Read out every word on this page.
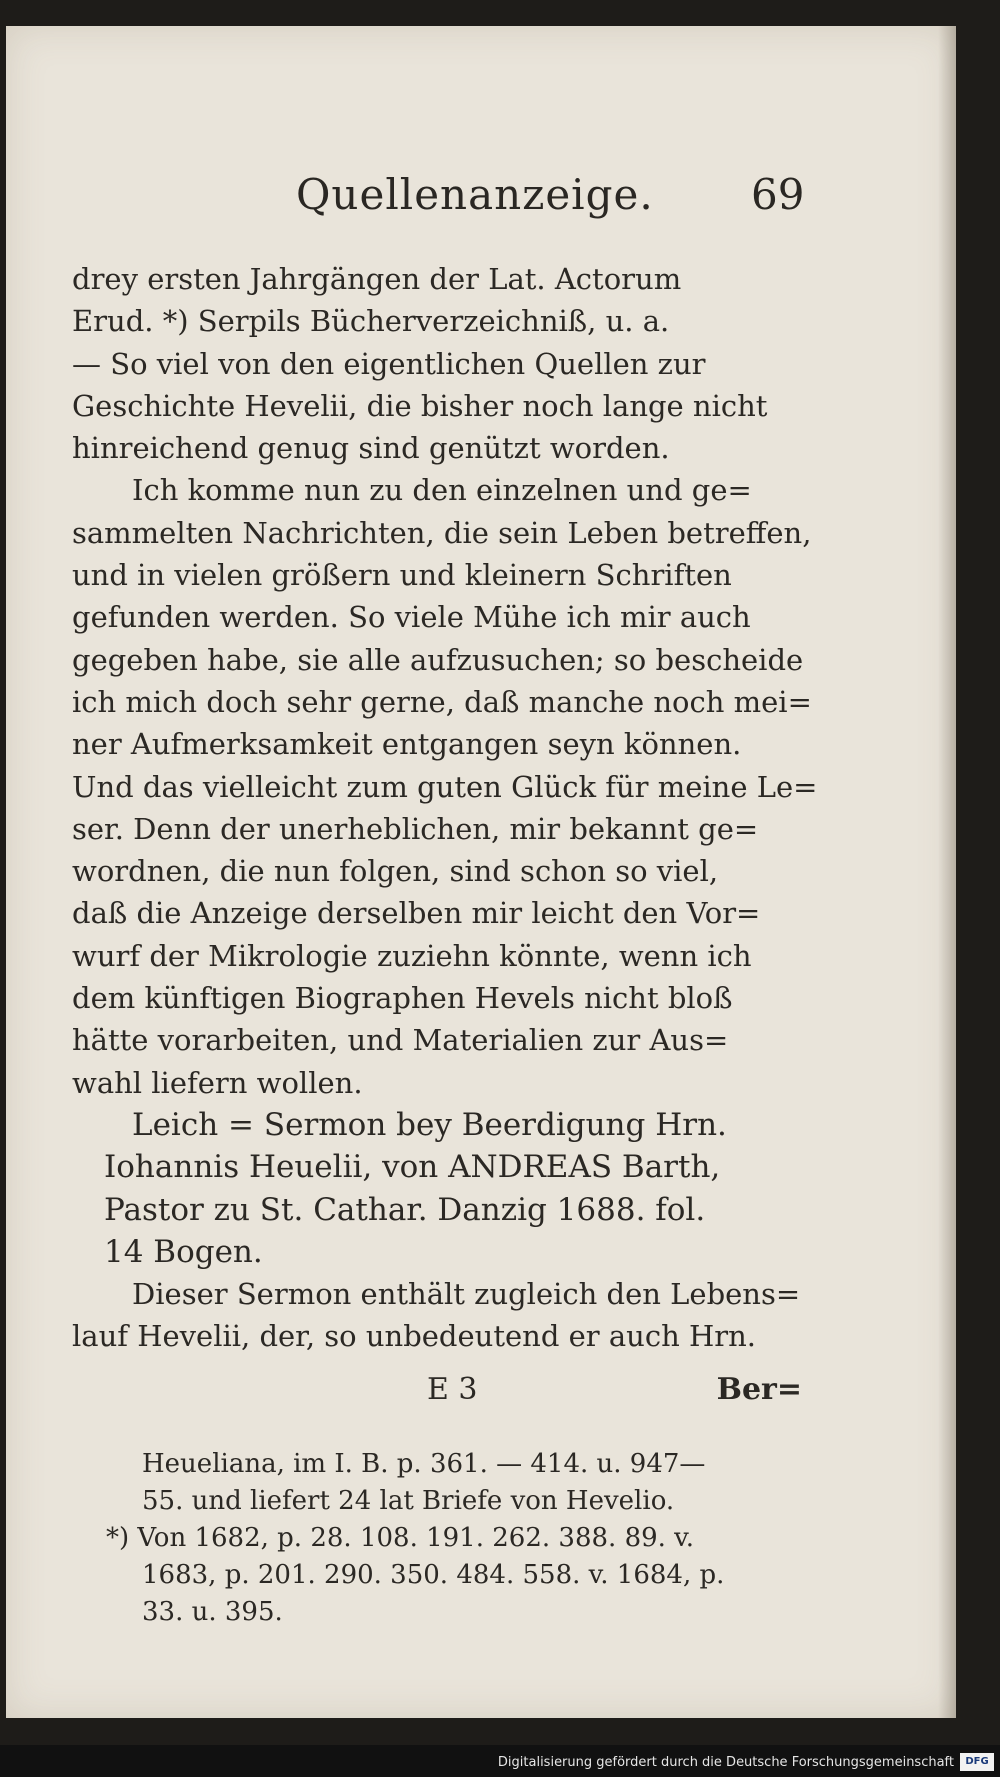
Quellenanzeige. 69
drey ersten Jahrgängen der Lat. Actorum
Erud. *) Serpils Bücherverzeichniß, u. a.
— So viel von den eigentlichen Quellen zur
Geschichte Hevelii, die bisher noch lange nicht
hinreichend genug sind genützt worden.
Ich komme nun zu den einzelnen und ge=
sammelten Nachrichten, die sein Leben betreffen,
und in vielen größern und kleinern Schriften
gefunden werden. So viele Mühe ich mir auch
gegeben habe, sie alle aufzusuchen; so bescheide
ich mich doch sehr gerne, daß manche noch mei=
ner Aufmerksamkeit entgangen seyn können.
Und das vielleicht zum guten Glück für meine Le=
ser. Denn der unerheblichen, mir bekannt ge=
wordnen, die nun folgen, sind schon so viel,
daß die Anzeige derselben mir leicht den Vor=
wurf der Mikrologie zuziehn könnte, wenn ich
dem künftigen Biographen Hevels nicht bloß
hätte vorarbeiten, und Materialien zur Aus=
wahl liefern wollen.
Leich = Sermon bey Beerdigung Hrn.
Iohannis Heuelii, von ANDREAS Barth,
Pastor zu St. Cathar. Danzig 1688. fol.
14 Bogen.
Dieser Sermon enthält zugleich den Lebens=
lauf Hevelii, der, so unbedeutend er auch Hrn.
E 3	Ber=
Heueliana, im I. B. p. 361. — 414. u. 947—
55. und liefert 24 lat Briefe von Hevelio.
*) Von 1682, p. 28. 108. 191. 262. 388. 89. v.
1683, p. 201. 290. 350. 484. 558. v. 1684, p.
33. u. 395.
Digitalisierung gefördert durch die Deutsche Forschungsgemeinschaft	DFG
